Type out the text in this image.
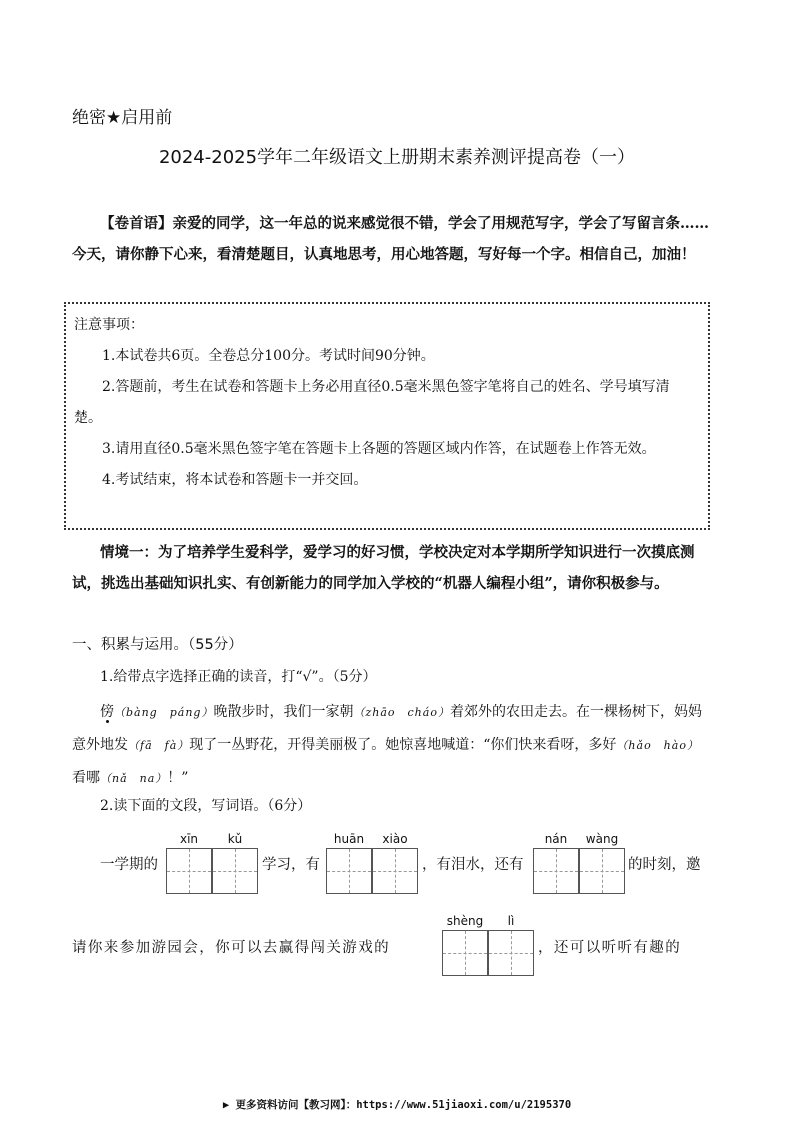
绝密★启用前
2024-2025学年二年级语文上册期末素养测评提高卷（一）
【卷首语】亲爱的同学，这一年总的说来感觉很不错，学会了用规范写字，学会了写留言条……今天，请你静下心来，看清楚题目，认真地思考，用心地答题，写好每一个字。相信自己，加油！
注意事项：

1.本试卷共6页。全卷总分100分。考试时间90分钟。

2.答题前，考生在试卷和答题卡上务必用直径0.5毫米黑色签字笔将自己的姓名、学号填写清楚。

3.请用直径0.5毫米黑色签字笔在答题卡上各题的答题区域内作答，在试题卷上作答无效。

4.考试结束，将本试卷和答题卡一并交回。

情境一：为了培养学生爱科学，爱学习的好习惯，学校决定对本学期所学知识进行一次摸底测试，挑选出基础知识扎实、有创新能力的同学加入学校的“机器人编程小组”，请你积极参与。
一、积累与运用。（55分）
1.给带点字选择正确的读音，打“√”。（5分）
傍（bàng　páng）晚散步时，我们一家朝（zhāo　cháo）着郊外的农田走去。在一棵杨树下，妈妈意外地发（fā　fà）现了一丛野花，开得美丽极了。她惊喜地喊道：“你们快来看呀，多好（hǎo　hào）看哪（nǎ　na）！”
2.读下面的文段，写词语。（6分）
xīn	kǔ	huān	xiào	nán	wàng
一学期的	学习，有	，有泪水，还有	的时刻，邀
shèng	lì
请你来参加游园会，你可以去赢得闯关游戏的	，还可以听听有趣的
▶ 更多资料访问【教习网】：https://www.51jiaoxi.com/u/2195370
